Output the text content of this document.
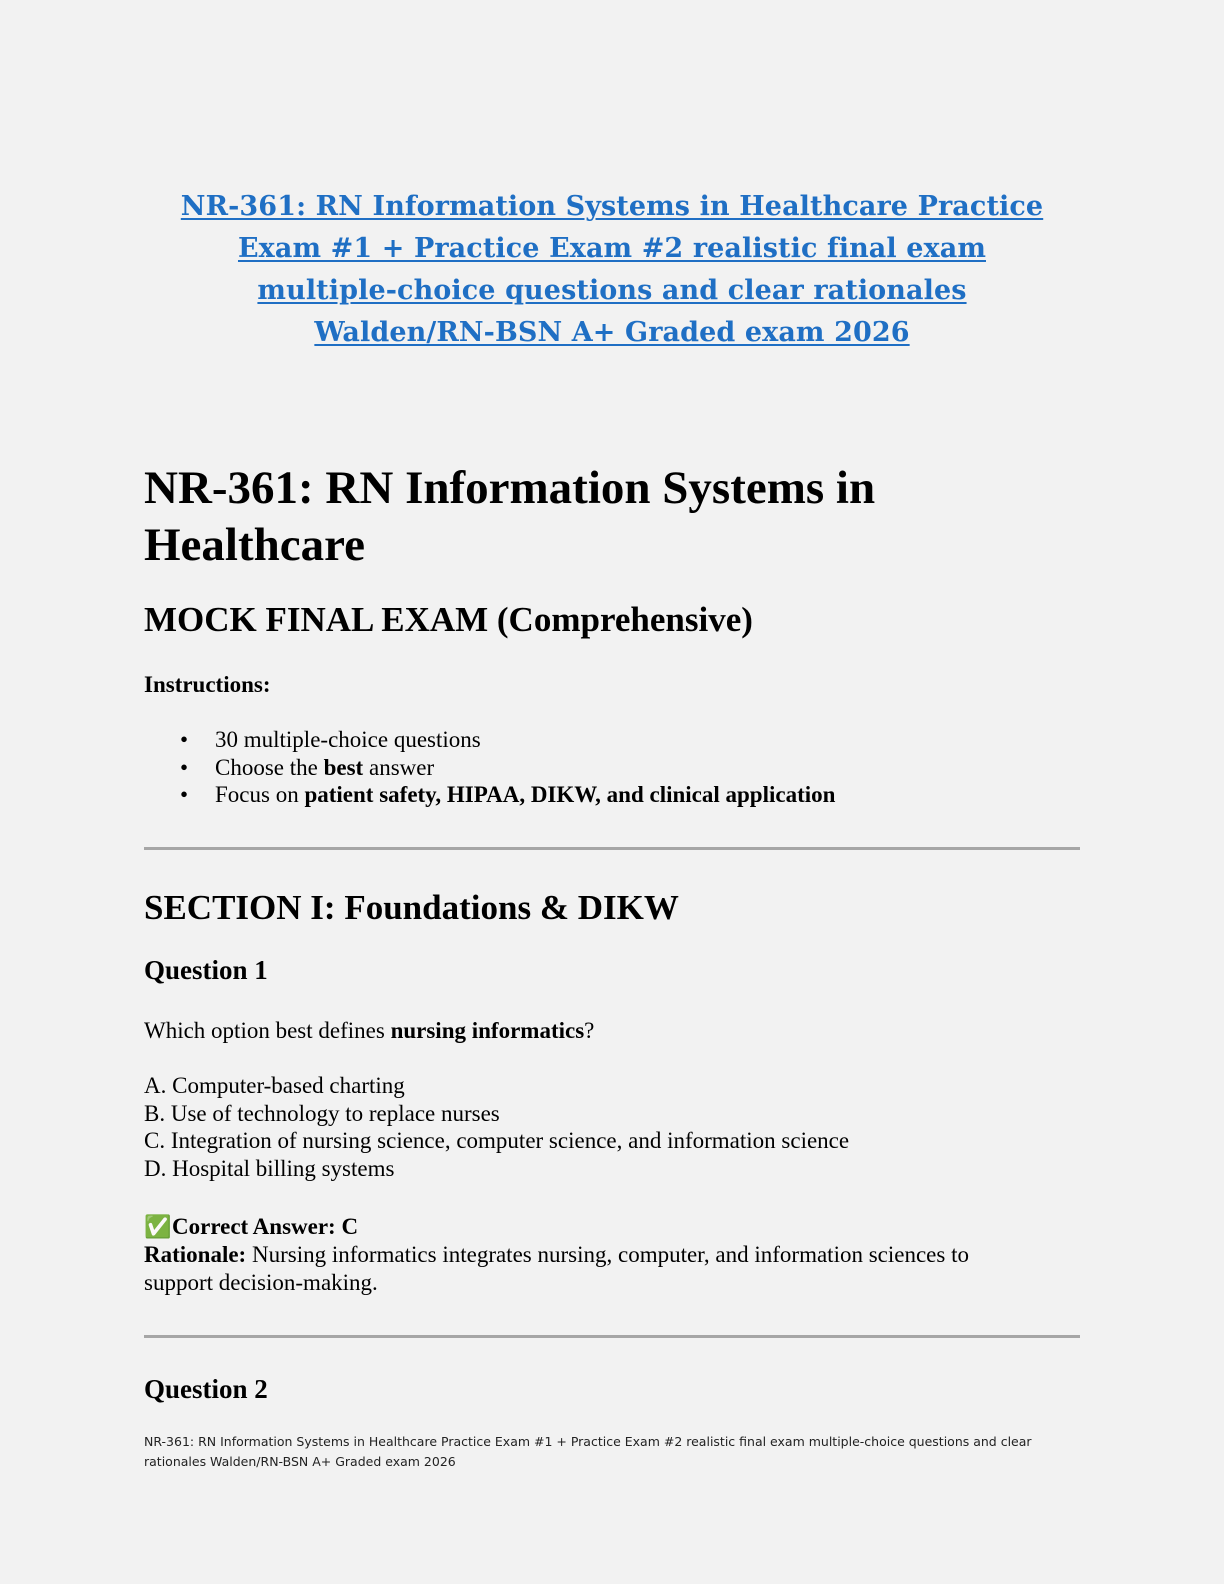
NR-361: RN Information Systems in Healthcare Practice
Exam #1 + Practice Exam #2 realistic final exam
multiple-choice questions and clear rationales
Walden/RN-BSN A+ Graded exam 2026
NR-361: RN Information Systems in Healthcare
MOCK FINAL EXAM (Comprehensive)

Instructions:

• 30 multiple-choice questions
• Choose the best answer
• Focus on patient safety, HIPAA, DIKW, and clinical application
SECTION I: Foundations & DIKW
Question 1

Which option best defines nursing informatics?

A. Computer-based charting
B. Use of technology to replace nurses
C. Integration of nursing science, computer science, and information science
D. Hospital billing systems

✅Correct Answer: C

Rationale: Nursing informatics integrates nursing, computer, and information sciences to support decision-making.

Question 2

NR-361: RN Information Systems in Healthcare Practice Exam #1 + Practice Exam #2 realistic final exam multiple-choice questions and clear rationales Walden/RN-BSN A+ Graded exam 2026
